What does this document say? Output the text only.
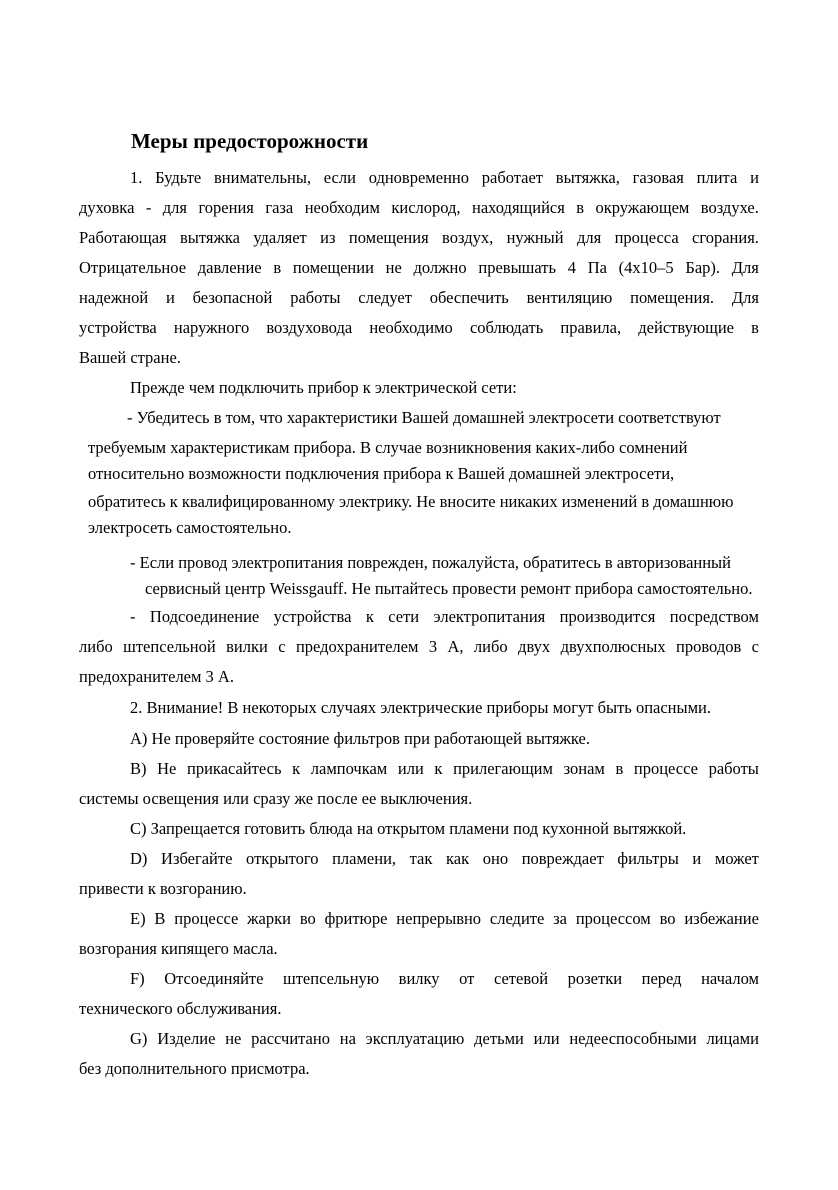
Меры предосторожности

1. Будьте внимательны, если одновременно работает вытяжка, газовая плита и

духовка - для горения газа необходим кислород, находящийся в окружающем воздухе.

Работающая вытяжка удаляет из помещения воздух, нужный для процесса сгорания.

Отрицательное давление в помещении не должно превышать 4 Па (4x10–5 Бар). Для

надежной и безопасной работы следует обеспечить вентиляцию помещения. Для

устройства наружного воздуховода необходимо соблюдать правила, действующие в

Вашей стране.

Прежде чем подключить прибор к электрической сети:

- Убедитесь в том, что характеристики Вашей домашней электросети соответствуют

требуемым характеристикам прибора. В случае возникновения каких-либо сомнений

относительно возможности подключения прибора к Вашей домашней электросети,

обратитесь к квалифицированному электрику. Не вносите никаких изменений в домашнюю

электросеть самостоятельно.

- Если провод электропитания поврежден, пожалуйста, обратитесь в авторизованный

сервисный центр Weissgauff. Не пытайтесь провести ремонт прибора самостоятельно.

- Подсоединение устройства к сети электропитания производится посредством

либо штепсельной вилки с предохранителем 3 А, либо двух двухполюсных проводов с

предохранителем 3 А.

2. Внимание! В некоторых случаях электрические приборы могут быть опасными.

А) Не проверяйте состояние фильтров при работающей вытяжке.

В) Не прикасайтесь к лампочкам или к прилегающим зонам в процессе работы

системы освещения или сразу же после ее выключения.

С) Запрещается готовить блюда на открытом пламени под кухонной вытяжкой.

D) Избегайте открытого пламени, так как оно повреждает фильтры и может

привести к возгоранию.

Е) В процессе жарки во фритюре непрерывно следите за процессом во избежание

возгорания кипящего масла.

F) Отсоединяйте штепсельную вилку от сетевой розетки перед началом

технического обслуживания.

G) Изделие не рассчитано на эксплуатацию детьми или недееспособными лицами

без дополнительного присмотра.
